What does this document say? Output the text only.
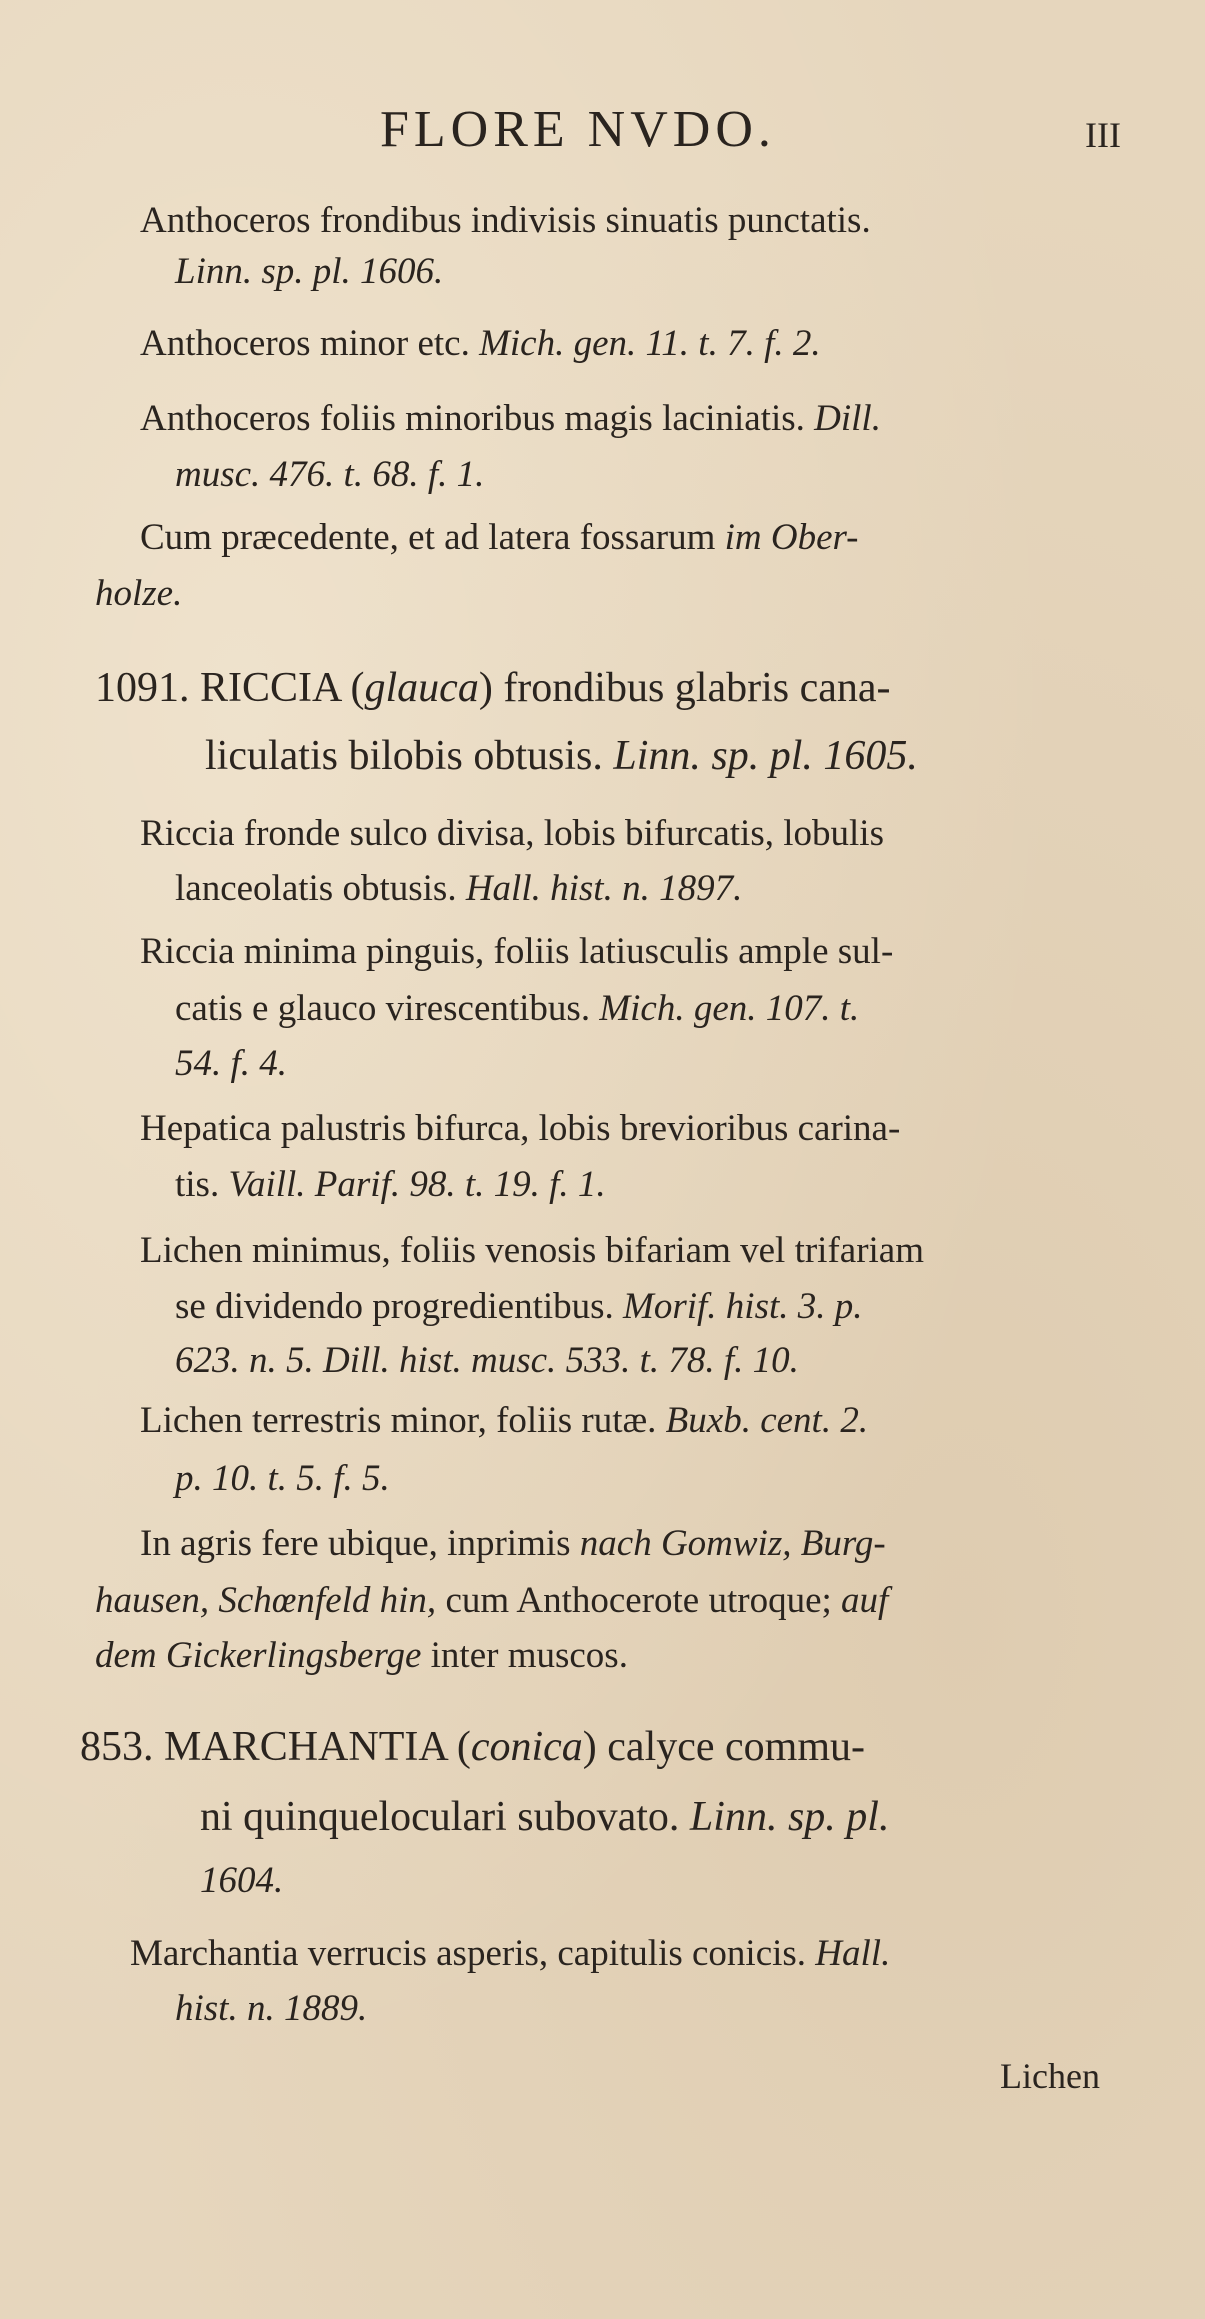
FLORE NVDO.	III
Anthoceros frondibus indivisis sinuatis punctatis.
Linn. sp. pl. 1606.
Anthoceros minor etc. Mich. gen. 11. t. 7. f. 2.
Anthoceros foliis minoribus magis laciniatis. Dill.
musc. 476. t. 68. f. 1.
Cum præcedente, et ad latera fossarum im Ober-
holze.
1091. RICCIA (glauca) frondibus glabris cana-
liculatis bilobis obtusis. Linn. sp. pl. 1605.
Riccia fronde sulco divisa, lobis bifurcatis, lobulis
lanceolatis obtusis. Hall. hist. n. 1897.
Riccia minima pinguis, foliis latiusculis ample sul-
catis e glauco virescentibus. Mich. gen. 107. t.
54. f. 4.
Hepatica palustris bifurca, lobis brevioribus carina-
tis. Vaill. Parif. 98. t. 19. f. 1.
Lichen minimus, foliis venosis bifariam vel trifariam
se dividendo progredientibus. Morif. hist. 3. p.
623. n. 5. Dill. hist. musc. 533. t. 78. f. 10.
Lichen terrestris minor, foliis rutæ. Buxb. cent. 2.
p. 10. t. 5. f. 5.
In agris fere ubique, inprimis nach Gomwiz, Burg-
hausen, Schœnfeld hin, cum Anthocerote utroque; auf
dem Gickerlingsberge inter muscos.
853. MARCHANTIA (conica) calyce commu-
ni quinqueloculari subovato. Linn. sp. pl.
1604.
Marchantia verrucis asperis, capitulis conicis. Hall.
hist. n. 1889.
Lichen
